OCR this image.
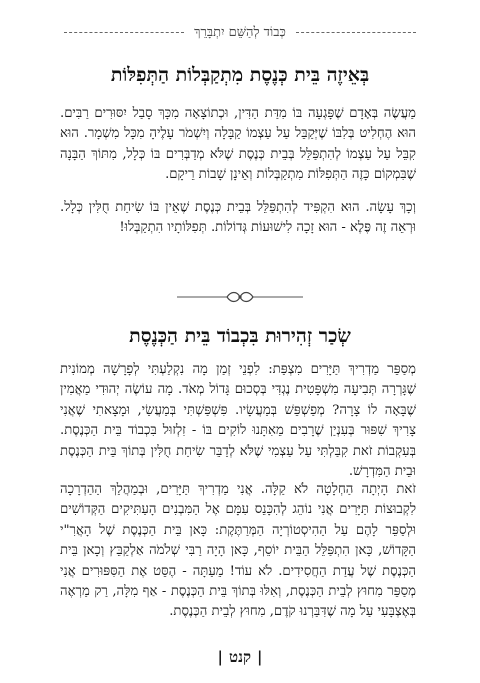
כְּבוֹד לְהַשֵּׁם יִתְבָּרֵךְ
בְּאֵיזֶה בֵּית כְּנֶסֶת מִתְקַבְּלוֹת הַתְּפִלּוֹת

מַעֲשֶׂה בְּאָדָם שֶׁפָּגְעָה בּוֹ מִדַּת הַדִּין, וּכְתוֹצָאָה מִכָּךְ סָבַל יִסּוּרִים רַבִּים. הוּא הֶחְלִיט בְּלִבּוֹ שֶׁיְּקַבֵּל עַל עַצְמוֹ קַבָּלָה וְיִשְׁמֹר עָלֶיהָ מִכָּל מִשְׁמָר. הוּא קִבֵּל עַל עַצְמוֹ לְהִתְפַּלֵּל בְּבֵית כְּנֶסֶת שֶׁלֹּא מְדַבְּרִים בּוֹ כְּלָל, מִתּוֹךְ הַבָּנָה שֶׁבִּמְקוֹם כָּזֶה הַתְּפִלּוֹת מִתְקַבְּלוֹת וְאֵינָן שָׁבוֹת רֵיקָם.

וְכָךְ עָשָׂה. הוּא הִקְפִּיד לְהִתְפַּלֵּל בְּבֵית כְּנֶסֶת שֶׁאֵין בּוֹ שִׂיחַת חֻלִּין כְּלָל. וּרְאֵה זֶה פֶּלֶא - הוּא זָכָה לִישׁוּעוֹת גְּדוֹלוֹת. תְּפִלּוֹתָיו הִתְקַבְּלוּ!

שְׂכַר זְהִירוּת בִּכְבוֹד בֵּית הַכְּנֶסֶת

מְסַפֵּר מַדְרִיךְ תַּיָּרִים מִצְפַּת: לִפְנֵי זְמַן מָה נִקְלַעְתִּי לְפָרָשָׁה מְמוֹנִית שֶׁגָּרְרָה תְּבִיעָה מִשְׁפָּטִית נֶגְדִּי בְּסְכוּם גָּדוֹל מְאֹד. מָה עוֹשֶׂה יְהוּדִי מַאֲמִין שֶׁבָּאָה לוֹ צָרָה? מְפַשְׁפֵּשׁ בְּמַעֲשָׂיו. פִּשְׁפַּשְׁתִּי בְּמַעֲשַׂי, וּמָצָאתִי שֶׁאֲנִי צָרִיךְ שִׁפּוּר בְּעִנְיַן שֶׁרָבִים מֵאִתָּנוּ לוֹקִים בּוֹ - זִלְזוּל בִּכְבוֹד בֵּית הַכְּנֶסֶת. בְּעִקְבוֹת זֹאת קִבַּלְתִּי עַל עַצְמִי שֶׁלֹּא לְדַבֵּר שִׂיחַת חֻלִּין בְּתוֹךְ בֵּית הַכְּנֶסֶת וּבֵית הַמִּדְרָשׁ.

זֹאת הָיְתָה הַחְלָטָה לֹא קַלָּה. אֲנִי מַדְרִיךְ תַּיָּרִים, וּבְמַהֲלַךְ הַהַדְרָכָה לִקְבוּצוֹת תַּיָּרִים אֲנִי נוֹהֵג לְהִכָּנֵס עִמָּם אֶל הַמִּבְנִים הָעַתִּיקִים הַקְּדוֹשִׁים וּלְסַפֵּר לָהֶם עַל הַהִיסְטוֹרְיָה הַמְּרַתֶּקֶת: כָּאן בֵּית הַכְּנֶסֶת שֶׁל הָאֲרִ"י הַקָּדוֹשׁ, כָּאן הִתְפַּלֵּל הַבֵּית יוֹסֵף, כָּאן הָיָה רַבִּי שְׁלֹמֹה אַלְקַבֵּץ וְכָאן בֵּית הַכְּנֶסֶת שֶׁל עֲדַת הַחֲסִידִים. לֹא עוֹד! מֵעַתָּה - הֶסֵּט אֶת הַסִּפּוּרִים אֲנִי מְסַפֵּר מִחוּץ לְבֵית הַכְּנֶסֶת, וְאִלּוּ בְּתוֹךְ בֵּית הַכְּנֶסֶת - אַף מִלָּה, רַק מַרְאֶה בְּאֶצְבָּעִי עַל מָה שֶׁדִּבַּרְנוּ קֹדֶם, מִחוּץ לְבֵית הַכְּנֶסֶת.

|קנט|
